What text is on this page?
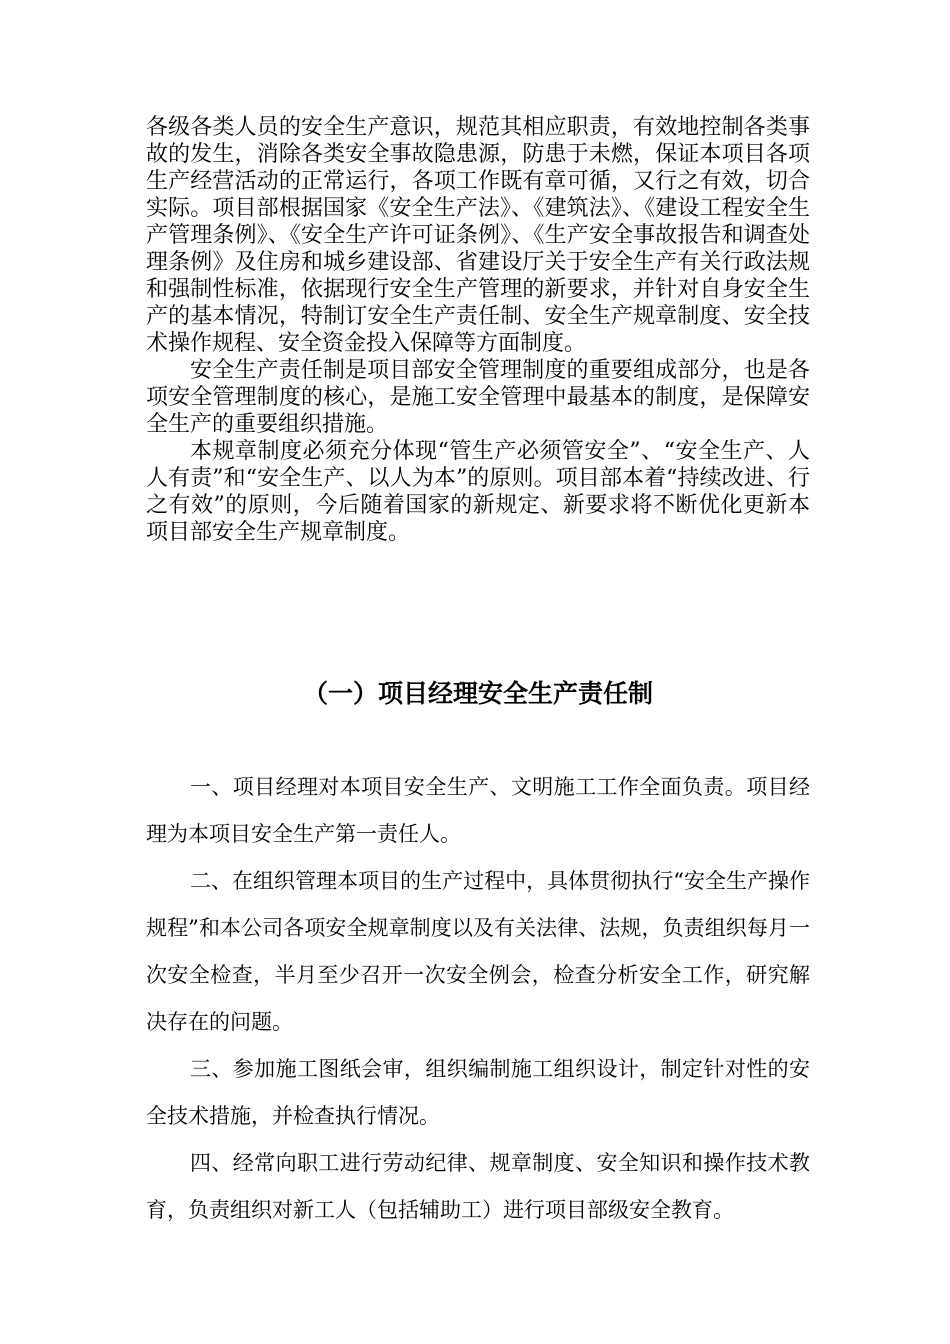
各级各类人员的安全生产意识，规范其相应职责，有效地控制各类事故的发生，消除各类安全事故隐患源，防患于未燃，保证本项目各项生产经营活动的正常运行，各项工作既有章可循，又行之有效，切合实际。项目部根据国家《安全生产法》、《建筑法》、《建设工程安全生产管理条例》、《安全生产许可证条例》、《生产安全事故报告和调查处理条例》及住房和城乡建设部、省建设厅关于安全生产有关行政法规和强制性标准，依据现行安全生产管理的新要求，并针对自身安全生产的基本情况，特制订安全生产责任制、安全生产规章制度、安全技术操作规程、安全资金投入保障等方面制度。

安全生产责任制是项目部安全管理制度的重要组成部分，也是各项安全管理制度的核心，是施工安全管理中最基本的制度，是保障安全生产的重要组织措施。

本规章制度必须充分体现“管生产必须管安全”、“安全生产、人人有责”和“安全生产、以人为本”的原则。项目部本着“持续改进、行之有效”的原则，今后随着国家的新规定、新要求将不断优化更新本项目部安全生产规章制度。

（一）项目经理安全生产责任制

一、项目经理对本项目安全生产、文明施工工作全面负责。项目经理为本项目安全生产第一责任人。

二、在组织管理本项目的生产过程中，具体贯彻执行“安全生产操作规程”和本公司各项安全规章制度以及有关法律、法规，负责组织每月一次安全检查，半月至少召开一次安全例会，检查分析安全工作，研究解决存在的问题。

三、参加施工图纸会审，组织编制施工组织设计，制定针对性的安全技术措施，并检查执行情况。

四、经常向职工进行劳动纪律、规章制度、安全知识和操作技术教育，负责组织对新工人（包括辅助工）进行项目部级安全教育。
